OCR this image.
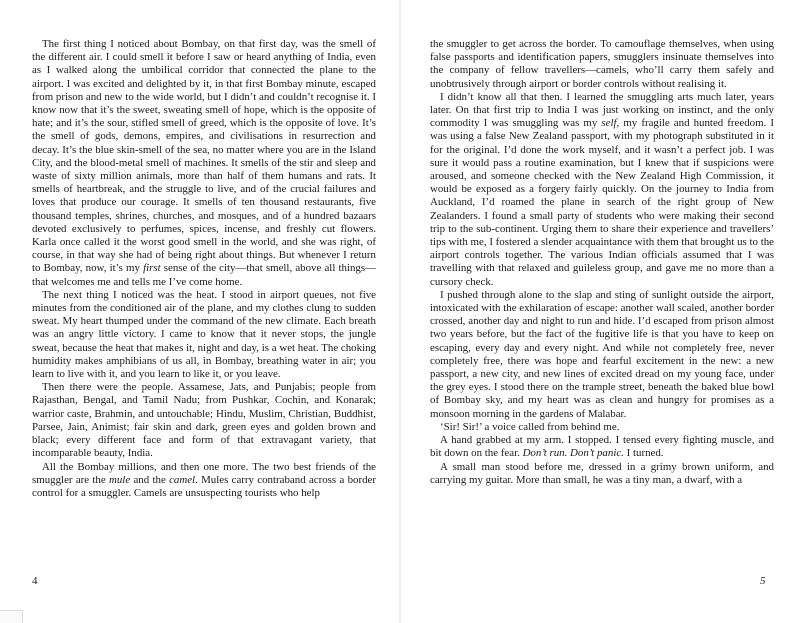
The first thing I noticed about Bombay, on that first day, was the smell of the different air. I could smell it before I saw or heard anything of India, even as I walked along the umbilical corridor that connected the plane to the airport. I was excited and delighted by it, in that first Bombay minute, escaped from prison and new to the wide world, but I didn’t and couldn’t recognise it. I know now that it’s the sweet, sweating smell of hope, which is the opposite of hate; and it’s the sour, stifled smell of greed, which is the opposite of love. It’s the smell of gods, demons, empires, and civilisations in resurrection and decay. It’s the blue skin-smell of the sea, no matter where you are in the Island City, and the blood-metal smell of machines. It smells of the stir and sleep and waste of sixty million animals, more than half of them humans and rats. It smells of heartbreak, and the struggle to live, and of the crucial failures and loves that produce our courage. It smells of ten thousand restaurants, five thousand temples, shrines, churches, and mosques, and of a hundred bazaars devoted exclusively to perfumes, spices, incense, and freshly cut flowers. Karla once called it the worst good smell in the world, and she was right, of course, in that way she had of being right about things. But whenever I return to Bombay, now, it’s my first sense of the city—that smell, above all things—that welcomes me and tells me I’ve come home.

The next thing I noticed was the heat. I stood in airport queues, not five minutes from the conditioned air of the plane, and my clothes clung to sudden sweat. My heart thumped under the command of the new climate. Each breath was an angry little victory. I came to know that it never stops, the jungle sweat, because the heat that makes it, night and day, is a wet heat. The choking humidity makes amphibians of us all, in Bombay, breathing water in air; you learn to live with it, and you learn to like it, or you leave.

Then there were the people. Assamese, Jats, and Punjabis; people from Rajasthan, Bengal, and Tamil Nadu; from Pushkar, Cochin, and Konarak; warrior caste, Brahmin, and untouchable; Hindu, Muslim, Christian, Buddhist, Parsee, Jain, Animist; fair skin and dark, green eyes and golden brown and black; every different face and form of that extravagant variety, that incomparable beauty, India.

All the Bombay millions, and then one more. The two best friends of the smuggler are the mule and the camel. Mules carry contraband across a border control for a smuggler. Camels are unsuspecting tourists who help

the smuggler to get across the border. To camouflage themselves, when using false passports and identification papers, smugglers insinuate themselves into the company of fellow travellers—camels, who’ll carry them safely and unobtrusively through airport or border controls without realising it.

I didn’t know all that then. I learned the smuggling arts much later, years later. On that first trip to India I was just working on instinct, and the only commodity I was smuggling was my self, my fragile and hunted freedom. I was using a false New Zealand passport, with my photograph substituted in it for the original. I’d done the work myself, and it wasn’t a perfect job. I was sure it would pass a routine examination, but I knew that if suspicions were aroused, and someone checked with the New Zealand High Commission, it would be exposed as a forgery fairly quickly. On the journey to India from Auckland, I’d roamed the plane in search of the right group of New Zealanders. I found a small party of students who were making their second trip to the sub-continent. Urging them to share their experience and travellers’ tips with me, I fostered a slender acquaintance with them that brought us to the airport controls together. The various Indian officials assumed that I was travelling with that relaxed and guileless group, and gave me no more than a cursory check.

I pushed through alone to the slap and sting of sunlight outside the airport, intoxicated with the exhilaration of escape: another wall scaled, another border crossed, another day and night to run and hide. I’d escaped from prison almost two years before, but the fact of the fugitive life is that you have to keep on escaping, every day and every night. And while not completely free, never completely free, there was hope and fearful excitement in the new: a new passport, a new city, and new lines of excited dread on my young face, under the grey eyes. I stood there on the trample street, beneath the baked blue bowl of Bombay sky, and my heart was as clean and hungry for promises as a monsoon morning in the gardens of Malabar.

‘Sir! Sir!’ a voice called from behind me.

A hand grabbed at my arm. I stopped. I tensed every fighting muscle, and bit down on the fear. Don’t run. Don’t panic. I turned.

A small man stood before me, dressed in a grimy brown uniform, and carrying my guitar. More than small, he was a tiny man, a dwarf, with a

4	5
